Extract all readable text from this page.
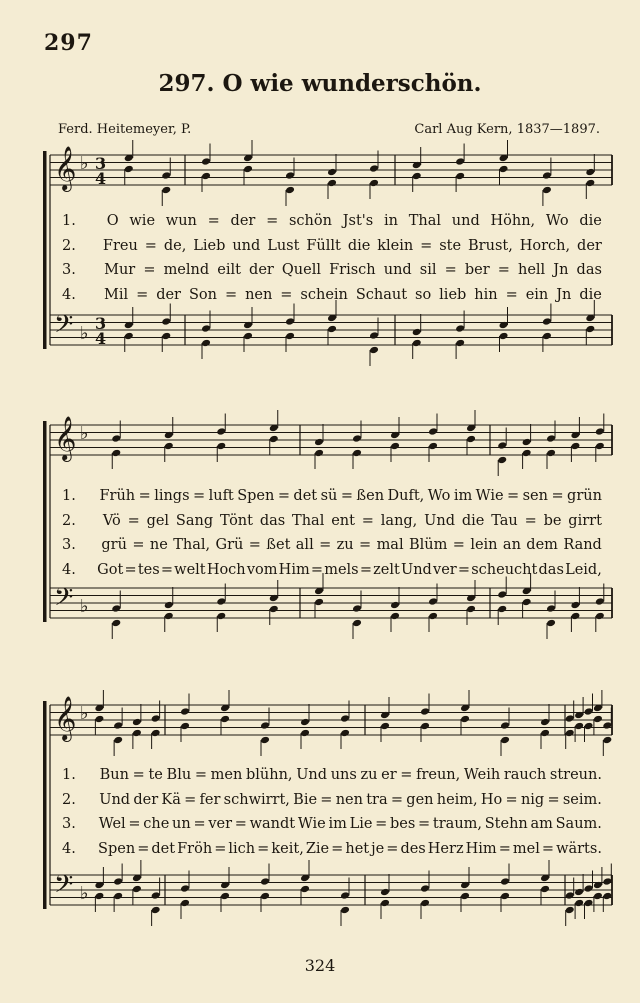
297
297. O wie wunderschön.
Ferd. Heitemeyer, P.	Carl Aug Kern, 1837—1897.
𝄞
𝄢
♭
♭
3
4
3
4
1.	O wie wun = der = schön Jst's in Thal und Höhn, Wo die
2.	Freu = de, Lieb und Lust Füllt die klein = ste Brust, Horch, der
3.	Mur = melnd eilt der Quell Frisch und sil = ber = hell Jn das
4.	Mil = der Son = nen = schein Schaut so lieb hin = ein Jn die
𝄞
𝄢
♭
♭
1.	Früh = lings = luft Spen = det sü = ßen Duft, Wo im Wie = sen = grün
2.	Vö = gel Sang Tönt das Thal ent = lang, Und die Tau = be girrt
3.	grü = ne Thal, Grü = ßet all = zu = mal Blüm = lein an dem Rand
4.	Got = tes = welt Hoch vom Him = mels = zelt Und ver = scheucht das Leid,
𝄞
𝄢
♭
♭
1.	Bun = te Blu = men blühn, Und uns zu er = freun, Weih rauch streun.
2.	Und der Kä = fer schwirrt, Bie = nen tra = gen heim, Ho = nig = seim.
3.	Wel = che un = ver = wandt Wie im Lie = bes = traum, Stehn am Saum.
4.	Spen = det Fröh = lich = keit, Zie = het je = des Herz Him = mel = wärts.
324
